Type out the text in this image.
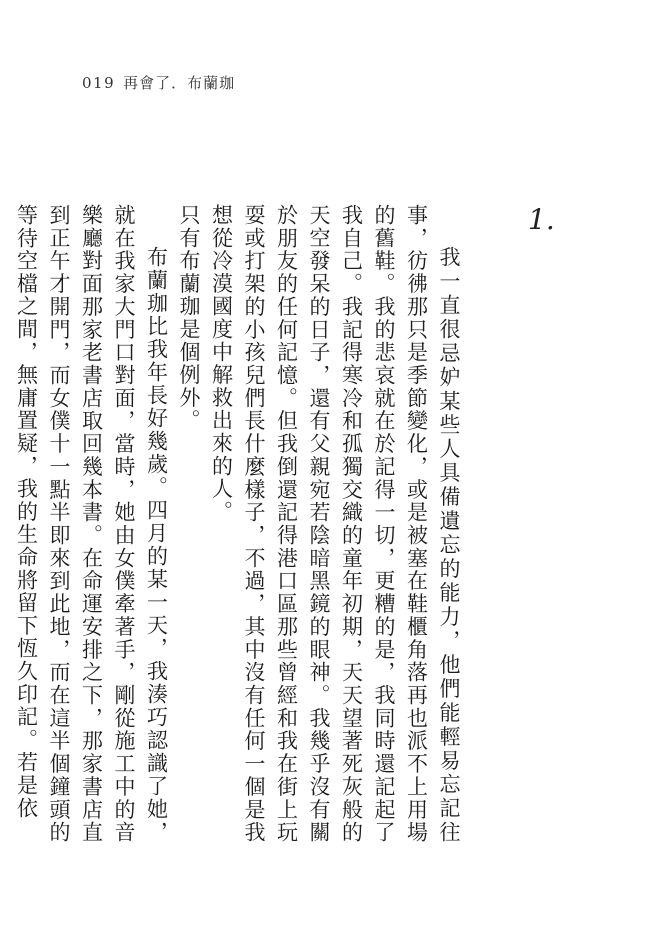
019 再會了．布蘭珈
1.

我一直很忌妒某些人具備遺忘的能力，他們能輕易忘記往事，彷彿那只是季節變化，或是被塞在鞋櫃角落再也派不上用場的舊鞋。我的悲哀就在於記得一切，更糟的是，我同時還記起了我自己。我記得寒冷和孤獨交織的童年初期，天天望著死灰般的天空發呆的日子，還有父親宛若陰暗黑鏡的眼神。我幾乎沒有關於朋友的任何記憶。但我倒還記得港口區那些曾經和我在街上玩耍或打架的小孩兒們長什麼樣子，不過，其中沒有任何一個是我想從冷漠國度中解救出來的人。

只有布蘭珈是個例外。

布蘭珈比我年長好幾歲。四月的某一天，我湊巧認識了她，就在我家大門口對面，當時，她由女僕牽著手，剛從施工中的音樂廳對面那家老書店取回幾本書。在命運安排之下，那家書店直到正午才開門，而女僕十一點半即來到此地，而在這半個鐘頭的等待空檔之間，無庸置疑，我的生命將留下恆久印記。若是依
